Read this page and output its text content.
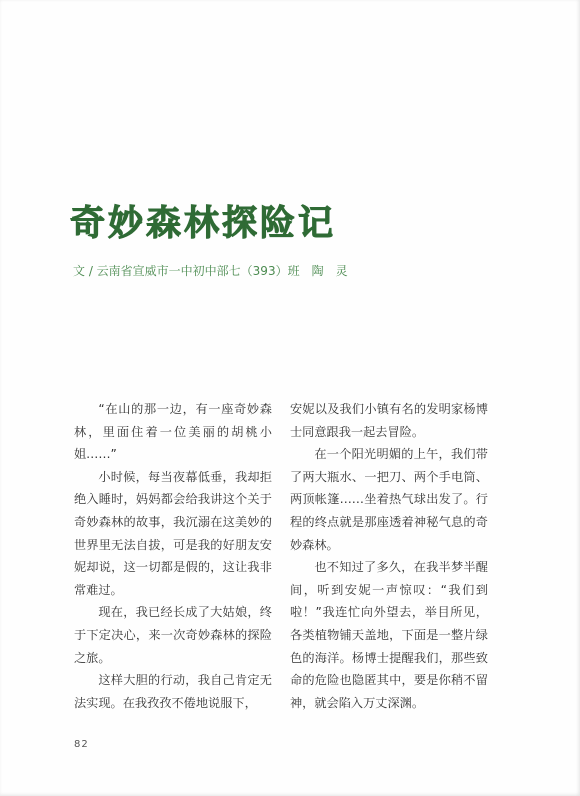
奇妙森林探险记
文 / 云南省宣威市一中初中部七（393）班　陶　灵

“在山的那一边，有一座奇妙森林，里面住着一位美丽的胡桃小姐……”

小时候，每当夜幕低垂，我却拒绝入睡时，妈妈都会给我讲这个关于奇妙森林的故事，我沉溺在这美妙的世界里无法自拔，可是我的好朋友安妮却说，这一切都是假的，这让我非常难过。

现在，我已经长成了大姑娘，终于下定决心，来一次奇妙森林的探险之旅。

这样大胆的行动，我自己肯定无法实现。在我孜孜不倦地说服下，

安妮以及我们小镇有名的发明家杨博士同意跟我一起去冒险。

在一个阳光明媚的上午，我们带了两大瓶水、一把刀、两个手电筒、两顶帐篷……坐着热气球出发了。行程的终点就是那座透着神秘气息的奇妙森林。

也不知过了多久，在我半梦半醒间，听到安妮一声惊叹：“我们到啦！”我连忙向外望去，举目所见，各类植物铺天盖地，下面是一整片绿色的海洋。杨博士提醒我们，那些致命的危险也隐匿其中，要是你稍不留神，就会陷入万丈深渊。

82
